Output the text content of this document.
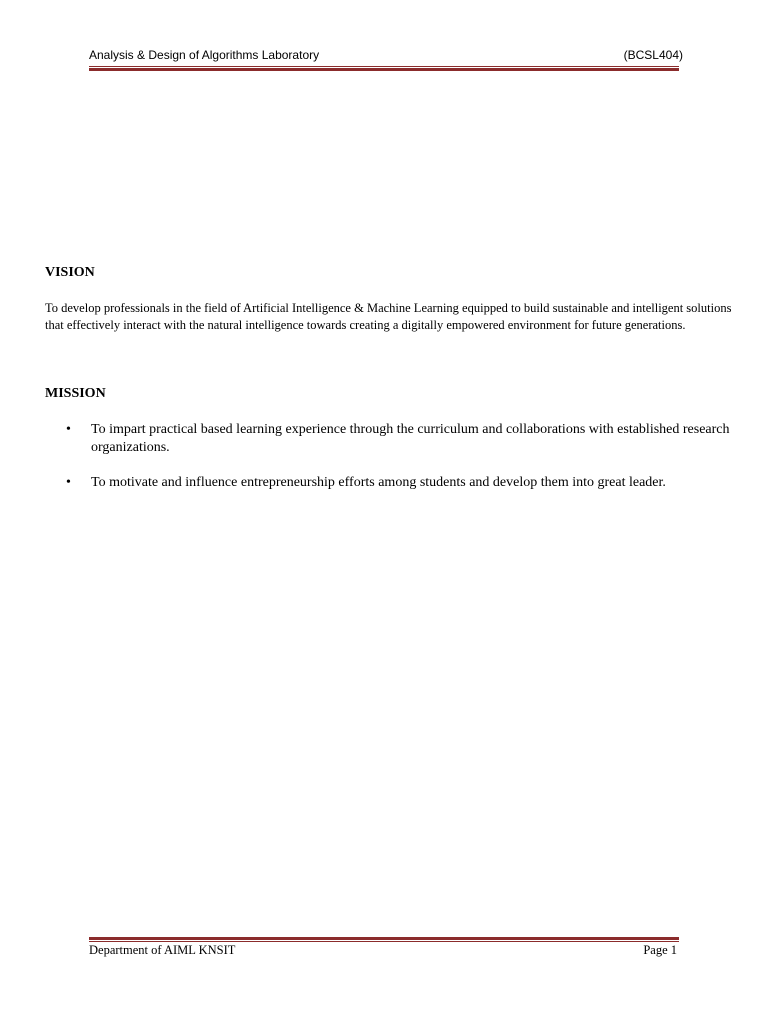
Analysis & Design of Algorithms Laboratory	(BCSL404)
VISION
To develop professionals in the field of Artificial Intelligence & Machine Learning equipped to build sustainable and intelligent solutions that effectively interact with the natural intelligence towards creating a digitally empowered environment for future generations.
MISSION
• To impart practical based learning experience through the curriculum and collaborations with established research organizations.
• To motivate and influence entrepreneurship efforts among students and develop them into great leader.
Department of AIML KNSIT	Page 1
